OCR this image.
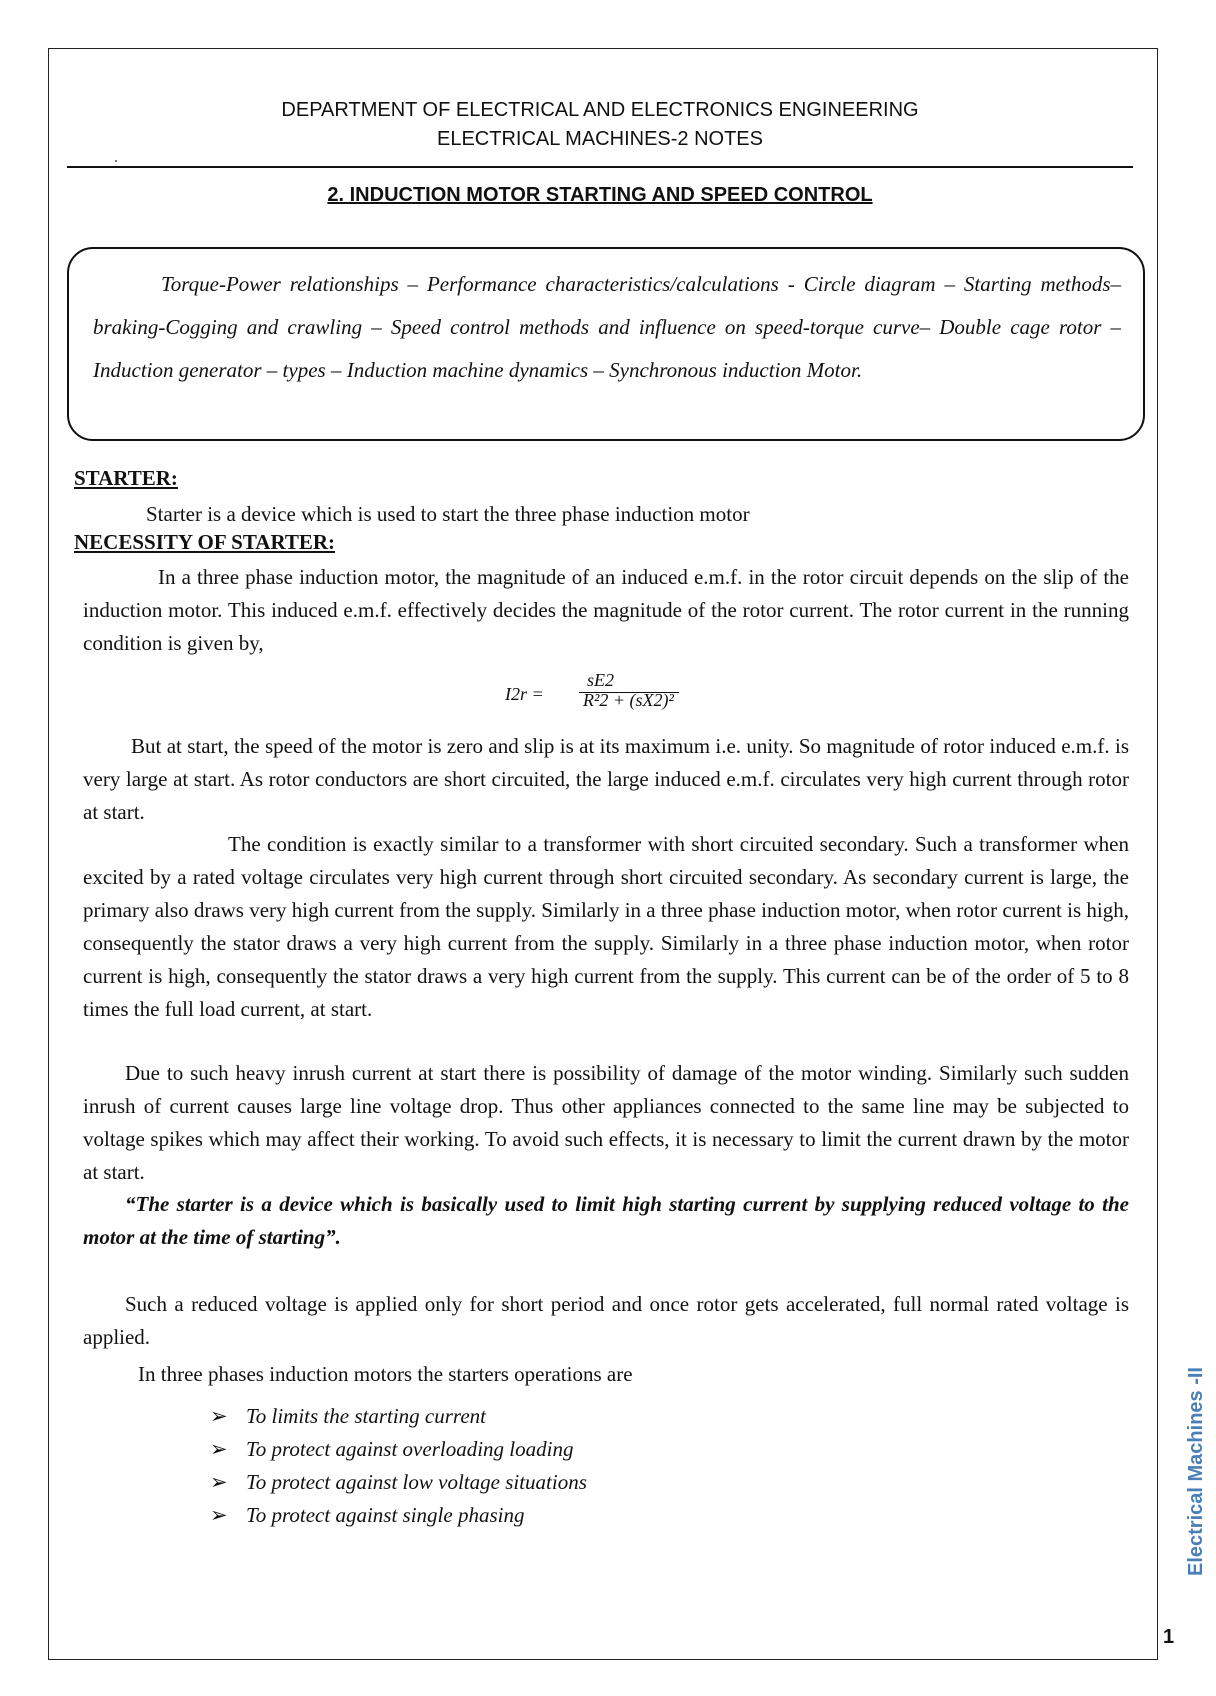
DEPARTMENT OF ELECTRICAL AND ELECTRONICS ENGINEERING
ELECTRICAL MACHINES-2 NOTES
2. INDUCTION MOTOR STARTING AND SPEED CONTROL
Torque-Power relationships – Performance characteristics/calculations - Circle diagram – Starting methods– braking-Cogging and crawling – Speed control methods and influence on speed-torque curve– Double cage rotor – Induction generator – types – Induction machine dynamics – Synchronous induction Motor.
STARTER:
Starter is a device which is used to start the three phase induction motor
NECESSITY OF STARTER:
In a three phase induction motor, the magnitude of an induced e.m.f. in the rotor circuit depends on the slip of the induction motor. This induced e.m.f. effectively decides the magnitude of the rotor current. The rotor current in the running condition is given by,
I2r =
sE2
R²2 + (sX2)²
But at start, the speed of the motor is zero and slip is at its maximum i.e. unity. So magnitude of rotor induced e.m.f. is very large at start. As rotor conductors are short circuited, the large induced e.m.f. circulates very high current through rotor at start.
The condition is exactly similar to a transformer with short circuited secondary. Such a transformer when excited by a rated voltage circulates very high current through short circuited secondary. As secondary current is large, the primary also draws very high current from the supply. Similarly in a three phase induction motor, when rotor current is high, consequently the stator draws a very high current from the supply. Similarly in a three phase induction motor, when rotor current is high, consequently the stator draws a very high current from the supply. This current can be of the order of 5 to 8 times the full load current, at start.
Due to such heavy inrush current at start there is possibility of damage of the motor winding. Similarly such sudden inrush of current causes large line voltage drop. Thus other appliances connected to the same line may be subjected to voltage spikes which may affect their working. To avoid such effects, it is necessary to limit the current drawn by the motor at start.
“The starter is a device which is basically used to limit high starting current by supplying reduced voltage to the motor at the time of starting”.
Such a reduced voltage is applied only for short period and once rotor gets accelerated, full normal rated voltage is applied.
In three phases induction motors the starters operations are
➢ To limits the starting current
➢ To protect against overloading loading
➢ To protect against low voltage situations
➢ To protect against single phasing	Electrical Machines -II
1
